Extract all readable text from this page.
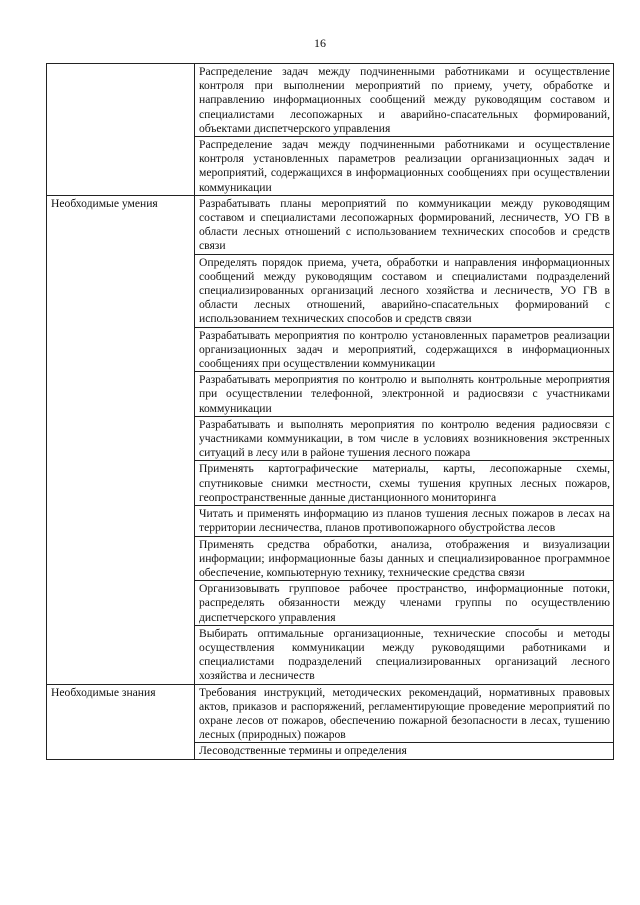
16
	Распределение задач между подчиненными работниками и осуществление контроля при выполнении мероприятий по приему, учету, обработке и направлению информационных сообщений между руководящим составом и специалистами лесопожарных и аварийно-спасательных формирований, объектами диспетчерского управления
	Распределение задач между подчиненными работниками и осуществление контроля установленных параметров реализации организационных задач и мероприятий, содержащихся в информационных сообщениях при осуществлении коммуникации
Необходимые умения	Разрабатывать планы мероприятий по коммуникации между руководящим составом и специалистами лесопожарных формирований, лесничеств, УО ГВ в области лесных отношений с использованием технических способов и средств связи
	Определять порядок приема, учета, обработки и направления информационных сообщений между руководящим составом и специалистами подразделений специализированных организаций лесного хозяйства и лесничеств, УО ГВ в области лесных отношений, аварийно-спасательных формирований с использованием технических способов и средств связи
	Разрабатывать мероприятия по контролю установленных параметров реализации организационных задач и мероприятий, содержащихся в информационных сообщениях при осуществлении коммуникации
	Разрабатывать мероприятия по контролю и выполнять контрольные мероприятия при осуществлении телефонной, электронной и радиосвязи с участниками коммуникации
	Разрабатывать и выполнять мероприятия по контролю ведения радиосвязи с участниками коммуникации, в том числе в условиях возникновения экстренных ситуаций в лесу или в районе тушения лесного пожара
	Применять картографические материалы, карты, лесопожарные схемы, спутниковые снимки местности, схемы тушения крупных лесных пожаров, геопространственные данные дистанционного мониторинга
	Читать и применять информацию из планов тушения лесных пожаров в лесах на территории лесничества, планов противопожарного обустройства лесов
	Применять средства обработки, анализа, отображения и визуализации информации; информационные базы данных и специализированное программное обеспечение, компьютерную технику, технические средства связи
	Организовывать групповое рабочее пространство, информационные потоки, распределять обязанности между членами группы по осуществлению диспетчерского управления
	Выбирать оптимальные организационные, технические способы и методы осуществления коммуникации между руководящими работниками и специалистами подразделений специализированных организаций лесного хозяйства и лесничеств
Необходимые знания	Требования инструкций, методических рекомендаций, нормативных правовых актов, приказов и распоряжений, регламентирующие проведение мероприятий по охране лесов от пожаров, обеспечению пожарной безопасности в лесах, тушению лесных (природных) пожаров
	Лесоводственные термины и определения
